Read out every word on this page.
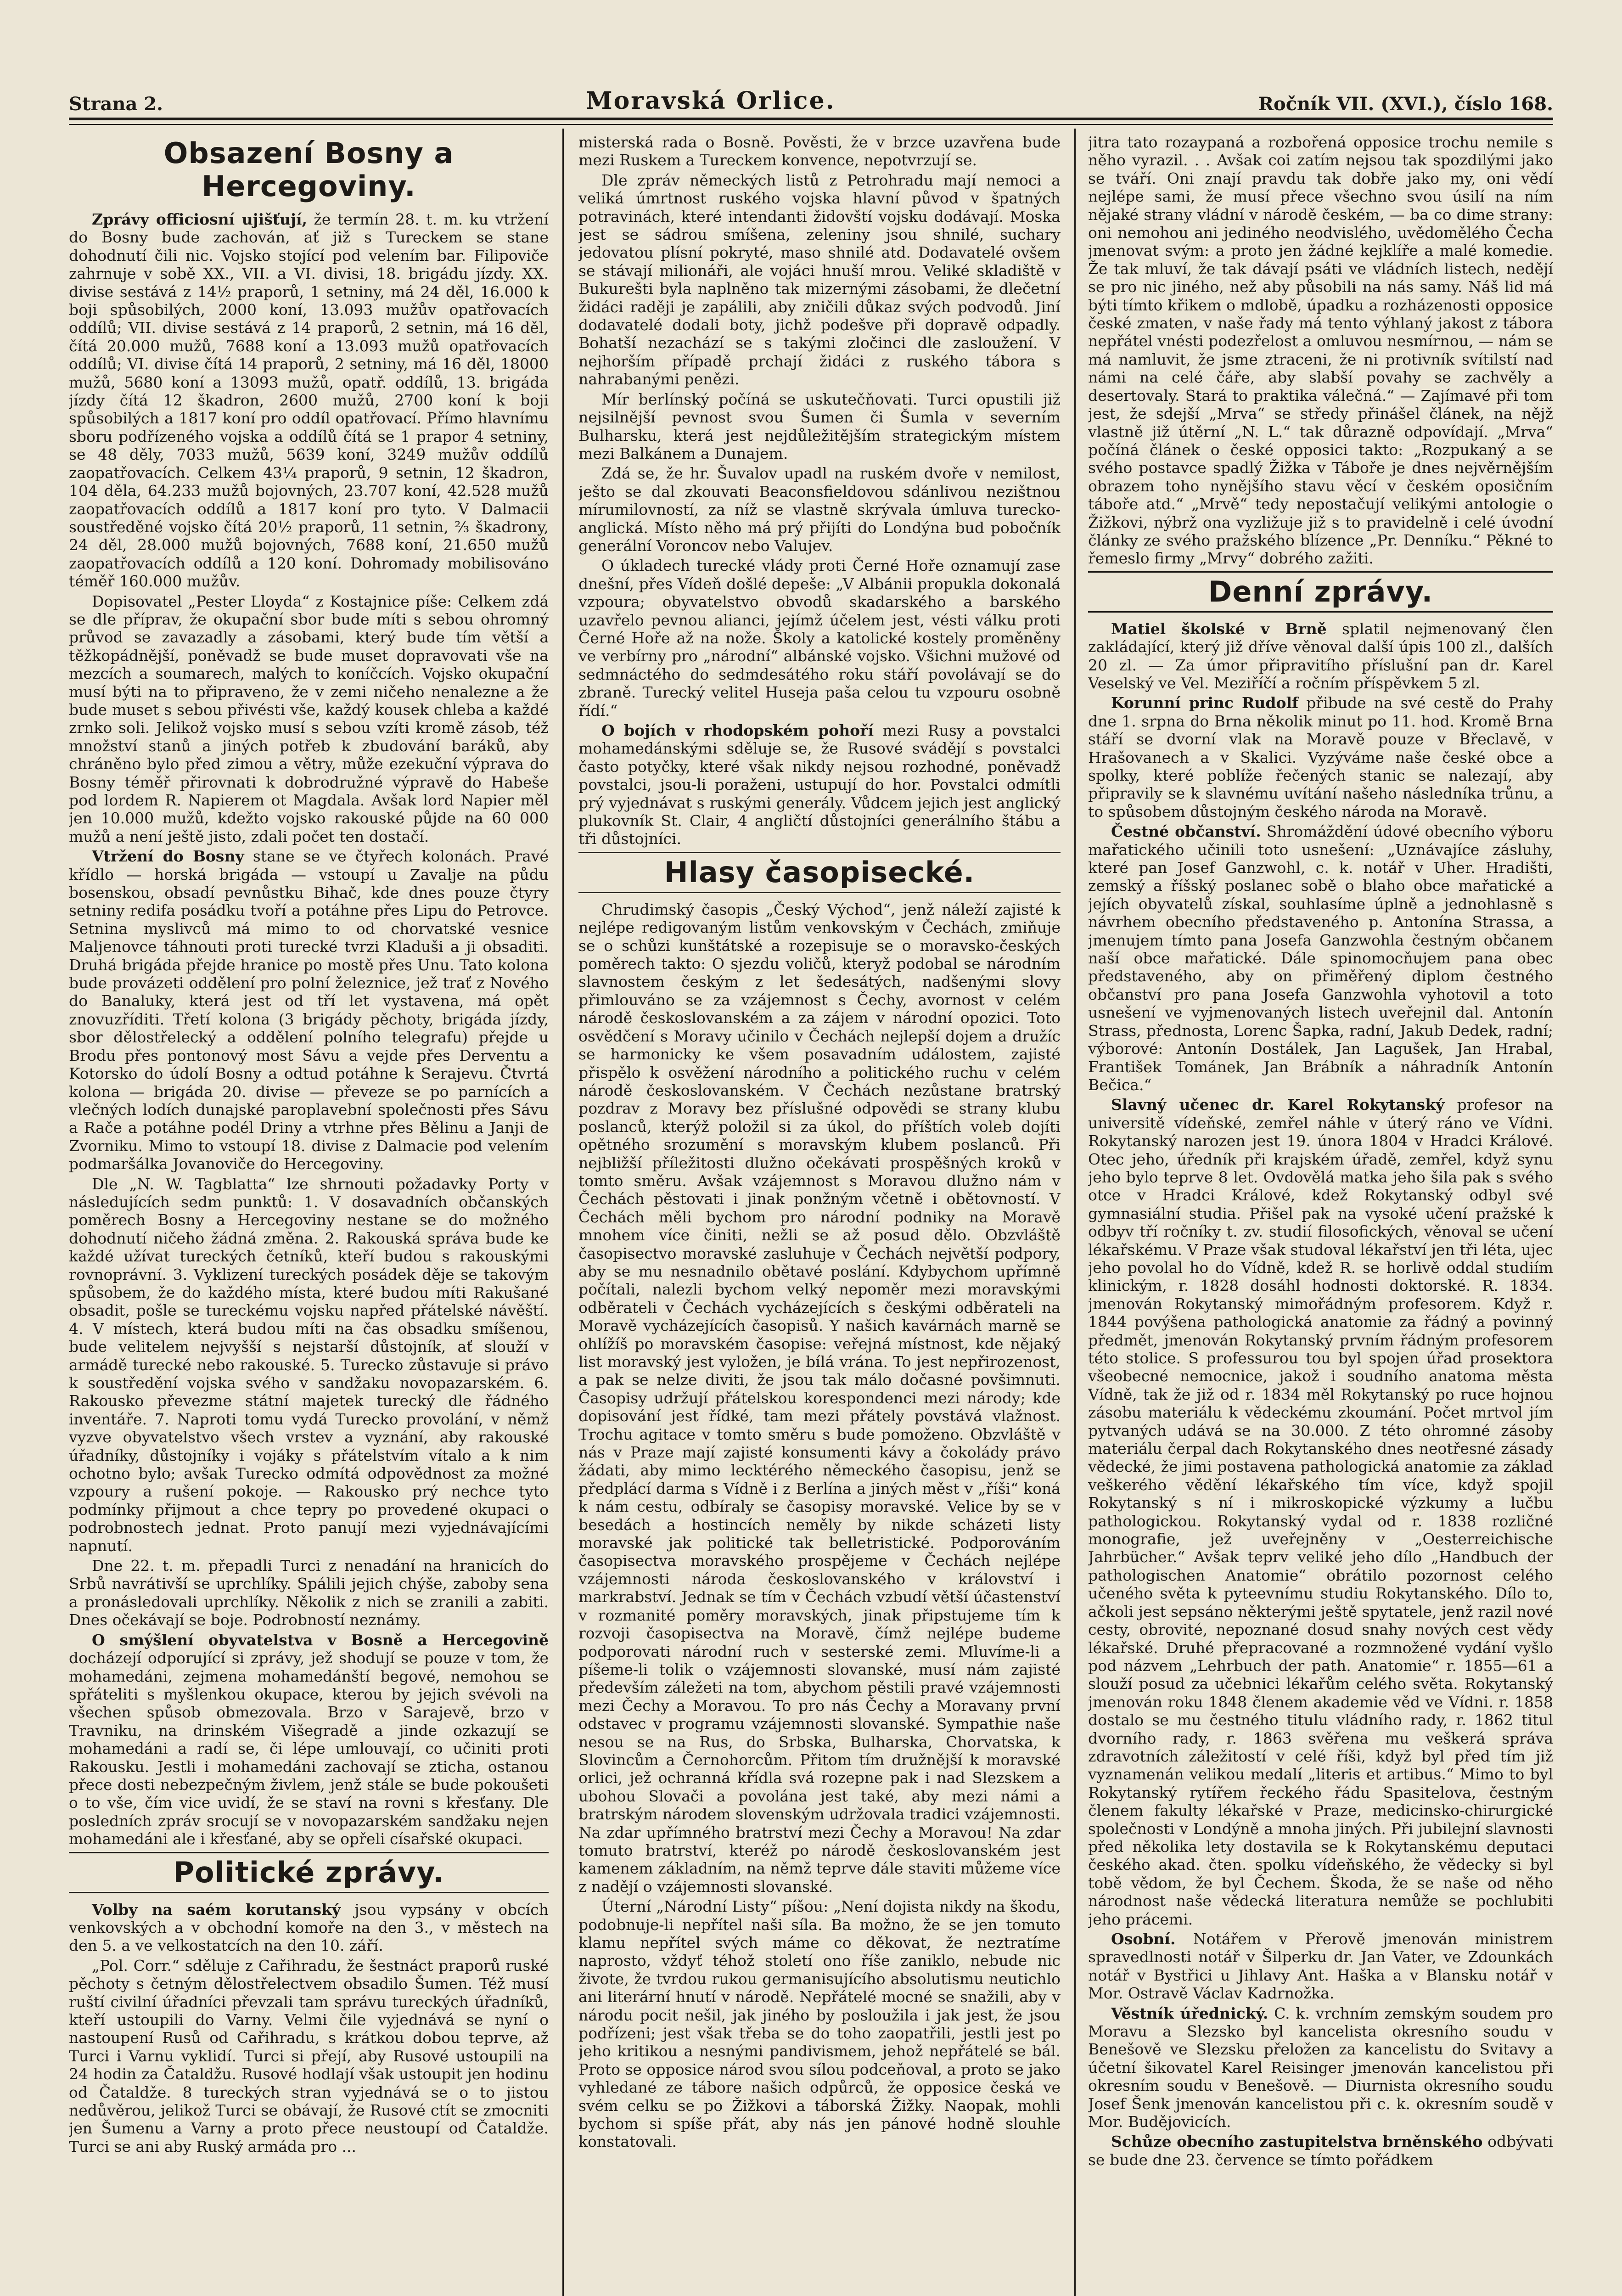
Strana 2.	Moravská Orlice.	Ročník VII. (XVI.), číslo 168.
Obsazení Bosny a Hercegoviny.

Zprávy officiosní ujišťují, že termín 28. t. m. ku vtržení do Bosny bude zachován, ať již s Tureckem se stane dohodnutí čili nic. Vojsko stojící pod velením bar. Filipoviče zahrnuje v sobě XX., VII. a VI. divisi, 18. brigádu jízdy. XX. divise sestává z 14½ praporů, 1 setniny, má 24 děl, 16.000 k boji spůsobilých, 2000 koní, 13.093 mužův opatřovacích oddílů; VII. divise sestává z 14 praporů, 2 setnin, má 16 děl, čítá 20.000 mužů, 7688 koní a 13.093 mužů opatřovacích oddílů; VI. divise čítá 14 praporů, 2 setniny, má 16 děl, 18000 mužů, 5680 koní a 13093 mužů, opatř. oddílů, 13. brigáda jízdy čítá 12 škadron, 2600 mužů, 2700 koní k boji spůsobilých a 1817 koní pro oddíl opatřovací. Přímo hlavnímu sboru podřízeného vojska a oddílů čítá se 1 prapor 4 setniny, se 48 děly, 7033 mužů, 5639 koní, 3249 mužův oddílů zaopatřovacích. Celkem 43¼ praporů, 9 setnin, 12 škadron, 104 děla, 64.233 mužů bojovných, 23.707 koní, 42.528 mužů zaopatřovacích oddílů a 1817 koní pro tyto. V Dalmacii soustředěné vojsko čítá 20½ praporů, 11 setnin, ⅔ škadrony, 24 děl, 28.000 mužů bojovných, 7688 koní, 21.650 mužů zaopatřovacích oddílů a 120 koní. Dohromady mobilisováno téměř 160.000 mužův.

Dopisovatel „Pester Lloyda“ z Kostajnice píše: Celkem zdá se dle příprav, že okupační sbor bude míti s sebou ohromný průvod se zavazadly a zásobami, který bude tím větší a těžkopádnější, poněvadž se bude muset dopravovati vše na mezcích a soumarech, malých to koníčcích. Vojsko okupační musí býti na to připraveno, že v zemi ničeho nenalezne a že bude muset s sebou přivésti vše, každý kousek chleba a každé zrnko soli. Jelikož vojsko musí s sebou vzíti kromě zásob, též množství stanů a jiných potřeb k zbudování baráků, aby chráněno bylo před zimou a větry, může ezekuční výprava do Bosny téměř přirovnati k dobrodružné výpravě do Habeše pod lordem R. Napierem ot Magdala. Avšak lord Napier měl jen 10.000 mužů, kdežto vojsko rakouské půjde na 60 000 mužů a není ještě jisto, zdali počet ten dostačí.

Vtržení do Bosny stane se ve čtyřech kolonách. Pravé křídlo — horská brigáda — vstoupí u Zavalje na půdu bosenskou, obsadí pevnůstku Bihač, kde dnes pouze čtyry setniny redifa posádku tvoří a potáhne přes Lipu do Petrovce. Setnina myslivců má mimo to od chorvatské vesnice Maljenovce táhnouti proti turecké tvrzi Kladuši a ji obsaditi. Druhá brigáda přejde hranice po mostě přes Unu. Tato kolona bude provázeti oddělení pro polní železnice, jež trať z Nového do Banaluky, která jest od tří let vystavena, má opět znovuzříditi. Třetí kolona (3 brigády pěchoty, brigáda jízdy, sbor dělostřelecký a oddělení polního telegrafu) přejde u Brodu přes pontonový most Sávu a vejde přes Derventu a Kotorsko do údolí Bosny a odtud potáhne k Serajevu. Čtvrtá kolona — brigáda 20. divise — převeze se po parnících a vlečných lodích dunajské paroplavební společnosti přes Sávu a Rače a potáhne podél Driny a vtrhne přes Bělinu a Janji de Zvorniku. Mimo to vstoupí 18. divise z Dalmacie pod velením podmaršálka Jovanoviče do Hercegoviny.

Dle „N. W. Tagblatta“ lze shrnouti požadavky Porty v následujících sedm punktů: 1. V dosavadních občanských poměrech Bosny a Hercegoviny nestane se do možného dohodnutí ničeho žádná změna. 2. Rakouská správa bude ke každé užívat tureckých četníků, kteří budou s rakouskými rovnoprávní. 3. Vyklizení tureckých posádek děje se takovým spůsobem, že do každého místa, které budou míti Rakušané obsadit, pošle se tureckému vojsku napřed přátelské návěští. 4. V místech, která budou míti na čas obsadku smíšenou, bude velitelem nejvyšší s nejstarší důstojník, ať slouží v armádě turecké nebo rakouské. 5. Turecko zůstavuje si právo k soustředění vojska svého v sandžaku novopazarském. 6. Rakousko převezme státní majetek turecký dle řádného inventáře. 7. Naproti tomu vydá Turecko provolání, v němž vyzve obyvatelstvo všech vrstev a vyznání, aby rakouské úřadníky, důstojníky i vojáky s přátelstvím vítalo a k nim ochotno bylo; avšak Turecko odmítá odpovědnost za možné vzpoury a rušení pokoje. — Rakousko prý nechce tyto podmínky přijmout a chce tepry po provedené okupaci o podrobnostech jednat. Proto panují mezi vyjednávajícími napnutí.

Dne 22. t. m. přepadli Turci z nenadání na hranicích do Srbů navrátivší se uprchlíky. Spálili jejich chýše, zaboby sena a pronásledovali uprchlíky. Několik z nich se zranili a zabiti. Dnes očekávají se boje. Podrobností neznámy.

O smýšlení obyvatelstva v Bosně a Hercegovině docházejí odporující si zprávy, jež shodují se pouze v tom, že mohamedáni, zejmena mohamedánští begové, nemohou se spřáteliti s myšlenkou okupace, kterou by jejich svévoli na všechen spůsob obmezovala. Brzo v Sarajevě, brzo v Travniku, na drinském Višegradě a jinde ozkazují se mohamedáni a radí se, či lépe umlouvají, co učiniti proti Rakousku. Jestli i mohamedáni zachovají se zticha, ostanou přece dosti nebezpečným živlem, jenž stále se bude pokoušeti o to vše, čím vice uvidí, že se staví na rovni s křesťany. Dle posledních zpráv srocují se v novopazarském sandžaku nejen mohamedáni ale i křesťané, aby se opřeli císařské okupaci.

Politické zprávy.

Volby na saém korutanský jsou vypsány v obcích venkovských a v obchodní komoře na den 3., v městech na den 5. a ve velkostatcích na den 10. září.

„Pol. Corr.“ sděluje z Cařihradu, že šestnáct praporů ruské pěchoty s četným dělostřelectvem obsadilo Šumen. Též musí ruští civilní úřadníci převzali tam správu tureckých úřadníků, kteří ustoupili do Varny. Velmi čile vyjednává se nyní o nastoupení Rusů od Cařihradu, s krátkou dobou teprve, až Turci i Varnu vyklidí. Turci si přejí, aby Rusové ustoupili na 24 hodin za Čataldžu. Rusové hodlají však ustoupit jen hodinu od Čataldže. 8 tureckých stran vyjednává se o to jistou nedůvěrou, jelikož Turci se obávají, že Rusové ctít se zmocniti jen Šumenu a Varny a proto přece neustoupí od Čataldže. Turci se ani aby Ruský armáda pro ...

misterská rada o Bosně. Pověsti, že v brzce uzavřena bude mezi Ruskem a Tureckem konvence, nepotvrzují se.

Dle zpráv německých listů z Petrohradu mají nemoci a veliká úmrtnost ruského vojska hlavní původ v špatných potravinách, které intendanti židovští vojsku dodávají. Moska jest se sádrou smíšena, zeleniny jsou shnilé, suchary jedovatou plísní pokryté, maso shnilé atd. Dodavatelé ovšem se stávají milionáři, ale vojáci hnuší mrou. Veliké skladiště v Bukurešti byla naplněno tak mizernými zásobami, že dlečetní židáci raději je zapálili, aby zničili důkaz svých podvodů. Jiní dodavatelé dodali boty, jichž podešve při dopravě odpadly. Bohatší nezachází se s takými zločinci dle zasloužení. V nejhorším případě prchají židáci z ruského tábora s nahrabanými penězi.

Mír berlínský počíná se uskutečňovati. Turci opustili již nejsilnější pevnost svou Šumen či Šumla v severním Bulharsku, která jest nejdůležitějším strategickým místem mezi Balkánem a Dunajem.

Zdá se, že hr. Šuvalov upadl na ruském dvoře v nemilost, ješto se dal zkouvati Beaconsfieldovou sdánlivou nezištnou mírumilovností, za níž se vlastně skrývala úmluva turecko-anglická. Místo něho má prý přijíti do Londýna bud pobočník generální Voroncov nebo Valujev.

O úkladech turecké vlády proti Černé Hoře oznamují zase dnešní, přes Vídeň došlé depeše: „V Albánii propukla dokonalá vzpoura; obyvatelstvo obvodů skadarského a barského uzavřelo pevnou alianci, jejímž účelem jest, vésti válku proti Černé Hoře až na nože. Školy a katolické kostely proměněny ve verbírny pro „národní“ albánské vojsko. Všichni mužové od sedmnáctého do sedmdesátého roku stáří povolávají se do zbraně. Turecký velitel Huseja paša celou tu vzpouru osobně řídí.“

O bojích v rhodopském pohoří mezi Rusy a povstalci mohamedánskými sděluje se, že Rusové svádějí s povstalci často potyčky, které však nikdy nejsou rozhodné, poněvadž povstalci, jsou-li poraženi, ustupují do hor. Povstalci odmítli prý vyjednávat s ruskými generály. Vůdcem jejich jest anglický plukovník St. Clair, 4 angličtí důstojníci generálního štábu a tři důstojníci.

Hlasy časopisecké.

Chrudimský časopis „Český Východ“, jenž náleží zajisté k nejlépe redigovaným listům venkovským v Čechách, zmiňuje se o schůzi kunštátské a rozepisuje se o moravsko-českých poměrech takto: O sjezdu voličů, kteryž podobal se národním slavnostem českým z let šedesátých, nadšenými slovy přimlouváno se za vzájemnost s Čechy, avornost v celém národě českoslovanském a za zájem v národní opozici. Toto osvědčení s Moravy učinilo v Čechách nejlepší dojem a družíc se harmonicky ke všem posavadním událostem, zajisté přispělo k osvěžení národního a politického ruchu v celém národě českoslovanském. V Čechách nezůstane bratrský pozdrav z Moravy bez příslušné odpovědi se strany klubu poslanců, kterýž položil si za úkol, do příštích voleb dojíti opětného srozumění s moravským klubem poslanců. Při nejbližší příležitosti dlužno očekávati prospěšných kroků v tomto směru. Avšak vzájemnost s Moravou dlužno nám v Čechách pěstovati i jinak ponžným včetně i obětovností. V Čechách měli bychom pro národní podniky na Moravě mnohem více činiti, nežli se až posud dělo. Obzvláště časopisectvo moravské zasluhuje v Čechách největší podpory, aby se mu nesnadnilo obětavé poslání. Kdybychom upřímně počítali, nalezli bychom velký nepoměr mezi moravskými odběrateli v Čechách vycházejících s českými odběrateli na Moravě vycházejících časopisů. Y našich kavárnách marně se ohlížíš po moravském časopise: veřejná místnost, kde nějaký list moravský jest vyložen, je bílá vrána. To jest nepřirozenost, a pak se nelze diviti, že jsou tak málo dočasné povšimnuti. Časopisy udržují přátelskou korespondenci mezi národy; kde dopisování jest řídké, tam mezi přátely povstává vlažnost. Trochu agitace v tomto směru s bude pomoženo. Obzvláště v nás v Praze mají zajisté konsumenti kávy a čokolády právo žádati, aby mimo lecktérého německého časopisu, jenž se předplácí darma s Vídně i z Berlína a jiných měst v „říši“ koná k nám cestu, odbíraly se časopisy moravské. Velice by se v besedách a hostincích neměly by nikde scházeti listy moravské jak politické tak belletristické. Podporováním časopisectva moravského prospějeme v Čechách nejlépe vzájemnosti národa českoslovanského v království i markrabství. Jednak se tím v Čechách vzbudí větší účastenství v rozmanité poměry moravských, jinak připstujeme tím k rozvoji časopisectva na Moravě, čímž nejlépe budeme podporovati národní ruch v sesterské zemi. Mluvíme-li a píšeme-li tolik o vzájemnosti slovanské, musí nám zajisté především záležeti na tom, abychom pěstili pravé vzájemnosti mezi Čechy a Moravou. To pro nás Čechy a Moravany první odstavec v programu vzájemnosti slovanské. Sympathie naše nesou se na Rus, do Srbska, Bulharska, Chorvatska, k Slovincům a Černohorcům. Přitom tím družnější k moravské orlici, jež ochranná křídla svá rozepne pak i nad Slezskem a ubohou Slovači a povolána jest také, aby mezi námi a bratrským národem slovenským udržovala tradici vzájemnosti. Na zdar upřímného bratrství mezi Čechy a Moravou! Na zdar tomuto bratrství, kteréž po národě českoslovanském jest kamenem základním, na němž teprve dále staviti můžeme více z nadějí o vzájemnosti slovanské.

Úterní „Národní Listy“ píšou: „Není dojista nikdy na škodu, podobnuje-li nepřítel naši síla. Ba možno, že se jen tomuto klamu nepřítel svých máme co děkovat, že neztratíme naprosto, vždyť téhož století ono říše zaniklo, nebude nic živote, že tvrdou rukou germanisujícího absolutismu neutichlo ani literární hnutí v národě. Nepřátelé mocné se snažili, aby v národu pocit nešil, jak jiného by posloužila i jak jest, že jsou podřízeni; jest však třeba se do toho zaopatřili, jestli jest po jeho kritikou a nesnými pandivismem, jehož nepřátelé se bál. Proto se opposice národ svou sílou podceňoval, a proto se jako vyhledané ze tábore našich odpůrců, že opposice česká ve svém celku se po Žižkovi a táborská Žižky. Naopak, mohli bychom si spíše přát, aby nás jen pánové hodně slouhle konstatovali.

jitra tato rozaypaná a rozbořená opposice trochu nemile s něho vyrazil. . . Avšak coi zatím nejsou tak spozdilými jako se tváří. Oni znají pravdu tak dobře jako my, oni vědí nejlépe sami, že musí přece všechno svou úsilí na ním nějaké strany vládní v národě českém, — ba co dime strany: oni nemohou ani jediného neodvislého, uvědomělého Čecha jmenovat svým: a proto jen žádné kejklíře a malé komedie. Že tak mluví, že tak dávají psáti ve vládních listech, nedějí se pro nic jiného, než aby působili na nás samy. Náš lid má býti tímto křikem o mdlobě, úpadku a rozházenosti opposice české zmaten, v naše řady má tento výhlaný jakost z tábora nepřátel vnésti podezřelost a omluvou nesmírnou, — nám se má namluvit, že jsme ztraceni, že ni protivník svítilstí nad námi na celé čáře, aby slabší povahy se zachvěly a desertovaly. Stará to praktika válečná.“ — Zajímavé při tom jest, že sdejší „Mrva“ se středy přinášel článek, na nějž vlastně již útěrní „N. L.“ tak důrazně odpovídají. „Mrva“ počíná článek o české opposici takto: „Rozpukaný a se svého postavce spadlý Žižka v Táboře je dnes nejvěrnějším obrazem toho nynějšího stavu věcí v českém oposičním táboře atd.“ „Mrvě“ tedy nepostačují velikými antologie o Žižkovi, nýbrž ona vyzližuje již s to pravidelně i celé úvodní články ze svého pražského blízence „Pr. Denníku.“ Pěkné to řemeslo firmy „Mrvy“ dobrého zažiti.

Denní zprávy.

Matiel školské v Brně splatil nejmenovaný člen zakládající, který již dříve věnoval další úpis 100 zl., dalších 20 zl. — Za úmor připravitího příslušní pan dr. Karel Veselský ve Vel. Meziříčí a ročním příspěvkem 5 zl.

Korunní princ Rudolf přibude na své cestě do Prahy dne 1. srpna do Brna několik minut po 11. hod. Kromě Brna stáří se dvorní vlak na Moravě pouze v Břeclavě, v Hrašovanech a v Skalici. Vyzýváme naše české obce a spolky, které poblíže řečených stanic se nalezají, aby připravily se k slavnému uvítání našeho následníka trůnu, a to spůsobem důstojným českého národa na Moravě.

Čestné občanství. Shromáždění údové obecního výboru mařatického učinili toto usnešení: „Uznávajíce zásluhy, které pan Josef Ganzwohl, c. k. notář v Uher. Hradišti, zemský a říšský poslanec sobě o blaho obce mařatické a jejích obyvatelů získal, souhlasíme úplně a jednohlasně s návrhem obecního představeného p. Antonína Strassa, a jmenujem tímto pana Josefa Ganzwohla čestným občanem naší obce mařatické. Dále spinomocňujem pana obec představeného, aby on přiměřený diplom čestného občanství pro pana Josefa Ganzwohla vyhotovil a toto usnešení ve vyjmenovaných listech uveřejnil dal. Antonín Strass, přednosta, Lorenc Šapka, radní, Jakub Dedek, radní; výborové: Antonín Dostálek, Jan Lagušek, Jan Hrabal, František Tománek, Jan Brábník a náhradník Antonín Bečica.“

Slavný učenec dr. Karel Rokytanský profesor na universitě vídeňské, zemřel náhle v úterý ráno ve Vídni. Rokytanský narozen jest 19. února 1804 v Hradci Králové. Otec jeho, úředník při krajském úřadě, zemřel, když synu jeho bylo teprve 8 let. Ovdovělá matka jeho šila pak s svého otce v Hradci Králové, kdež Rokytanský odbyl své gymnasiální studia. Přišel pak na vysoké učení pražské k odbyv tří ročníky t. zv. studií filosofických, věnoval se učení lékařskému. V Praze však studoval lékařství jen tři léta, ujec jeho povolal ho do Vídně, kdež R. se horlivě oddal studiím klinickým, r. 1828 dosáhl hodnosti doktorské. R. 1834. jmenován Rokytanský mimořádným profesorem. Když r. 1844 povýšena pathologická anatomie za řádný a povinný předmět, jmenován Rokytanský prvním řádným profesorem této stolice. S professurou tou byl spojen úřad prosektora všeobecné nemocnice, jakož i soudního anatoma města Vídně, tak že již od r. 1834 měl Rokytanský po ruce hojnou zásobu materiálu k vědeckému zkoumání. Počet mrtvol jím pytvaných udává se na 30.000. Z této ohromné zásoby materiálu čerpal dach Rokytanského dnes neotřesné zásady vědecké, že jimi postavena pathologická anatomie za základ veškerého vědění lékařského tím více, když spojil Rokytanský s ní i mikroskopické výzkumy a lučbu pathologickou. Rokytanský vydal od r. 1838 rozličné monografie, jež uveřejněny v „Oesterreichische Jahrbücher.“ Avšak teprv veliké jeho dílo „Handbuch der pathologischen Anatomie“ obrátilo pozornost celého učeného světa k pyteevnímu studiu Rokytanského. Dílo to, ačkoli jest sepsáno některými ještě spytatele, jenž razil nové cesty, obrovité, nepoznané dosud snahy nových cest vědy lékařské. Druhé přepracované a rozmnožené vydání vyšlo pod názvem „Lehrbuch der path. Anatomie“ r. 1855—61 a slouží posud za učebnici lékařům celého světa. Rokytanský jmenován roku 1848 členem akademie věd ve Vídni. r. 1858 dostalo se mu čestného titulu vládního rady, r. 1862 titul dvorního rady, r. 1863 svěřena mu veškerá správa zdravotních záležitostí v celé říši, když byl před tím již vyznamenán velikou medalí „literis et artibus.“ Mimo to byl Rokytanský rytířem řeckého řádu Spasitelova, čestným členem fakulty lékařské v Praze, medicinsko-chirurgické společnosti v Londýně a mnoha jiných. Při jubilejní slavnosti před několika lety dostavila se k Rokytanskému deputaci českého akad. čten. spolku vídeňského, že vědecky si byl tobě vědom, že byl Čechem. Škoda, že se naše od něho národnost naše vědecká literatura nemůže se pochlubiti jeho prácemi.

Osobní. Notářem v Přerově jmenován ministrem spravedlnosti notář v Šilperku dr. Jan Vater, ve Zdounkách notář v Bystřici u Jihlavy Ant. Haška a v Blansku notář v Mor. Ostravě Václav Kadrnožka.

Věstník úřednický. C. k. vrchním zemským soudem pro Moravu a Slezsko byl kancelista okresního soudu v Benešově ve Slezsku přeložen za kancelistu do Svitavy a účetní šikovatel Karel Reisinger jmenován kancelistou při okresním soudu v Benešově. — Diurnista okresního soudu Josef Šenk jmenován kancelistou při c. k. okresním soudě v Mor. Budějovicích.

Schůze obecního zastupitelstva brněnského odbývati se bude dne 23. července se tímto pořádkem
